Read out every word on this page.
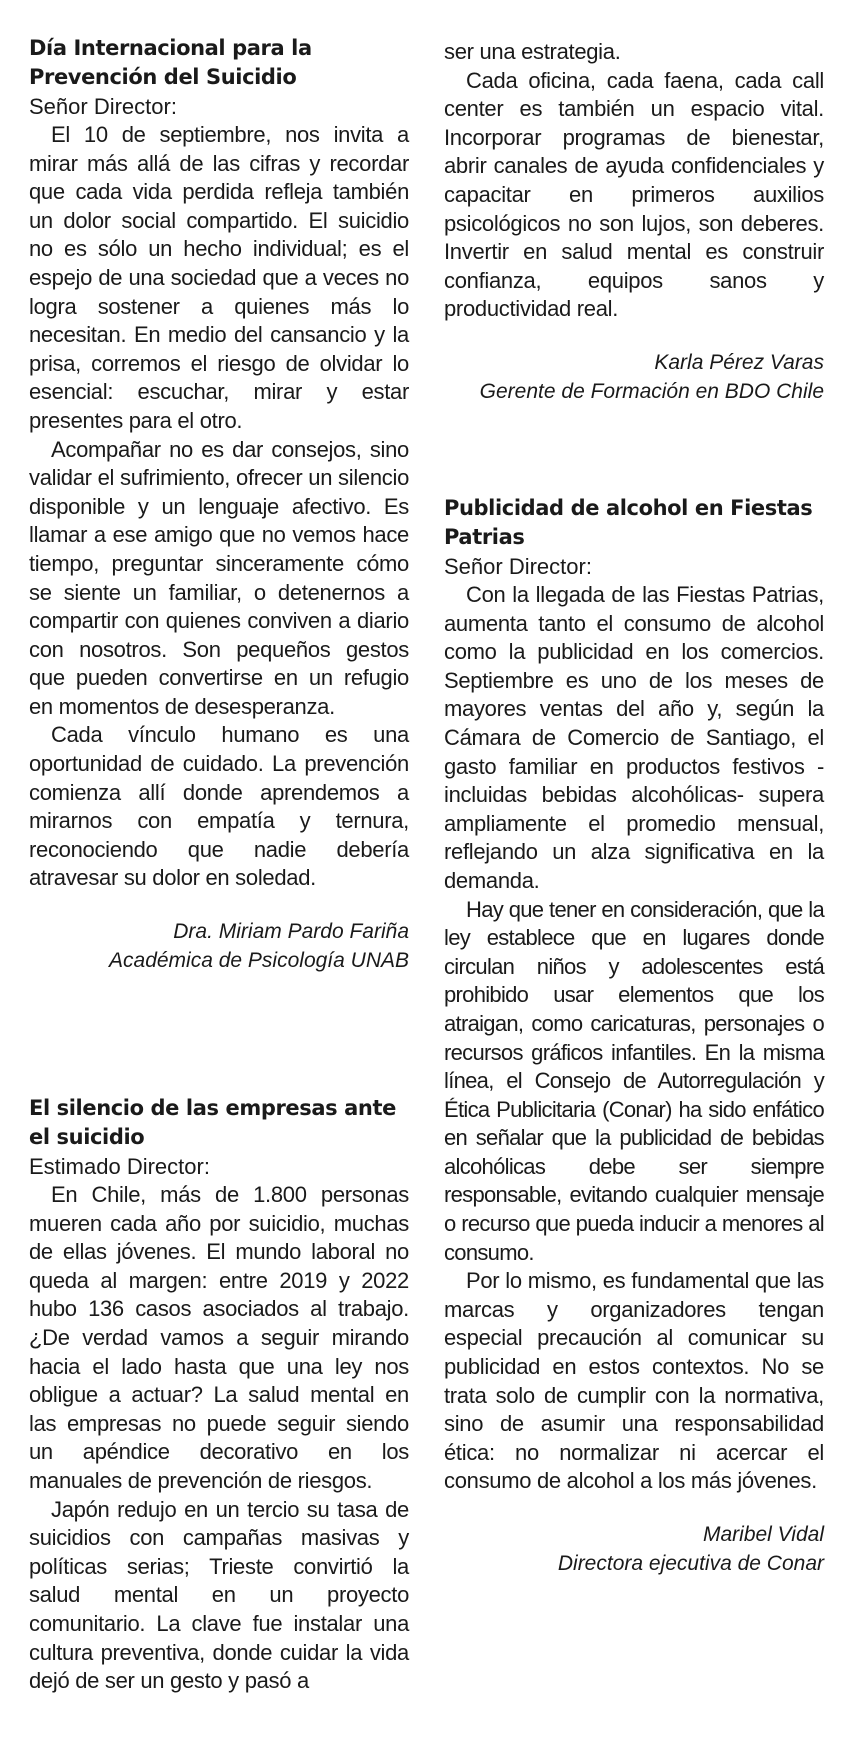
Día Internacional para la Prevención del Suicidio

Señor Director:

El 10 de septiembre, nos invita a mirar más allá de las cifras y recordar que cada vida perdida refleja también un dolor social compartido. El suicidio no es sólo un hecho individual; es el espejo de una sociedad que a veces no logra sostener a quienes más lo necesitan. En medio del cansancio y la prisa, corremos el riesgo de olvidar lo esencial: escuchar, mirar y estar presentes para el otro.

Acompañar no es dar consejos, sino validar el sufrimiento, ofrecer un silencio disponible y un lenguaje afectivo. Es llamar a ese amigo que no vemos hace tiempo, preguntar sinceramente cómo se siente un familiar, o detenernos a compartir con quienes conviven a diario con nosotros. Son pequeños gestos que pueden convertirse en un refugio en momentos de desesperanza.

Cada vínculo humano es una oportunidad de cuidado. La prevención comienza allí donde aprendemos a mirarnos con empatía y ternura, reconociendo que nadie debería atravesar su dolor en soledad.

Dra. Miriam Pardo Fariña

Académica de Psicología UNAB

El silencio de las empresas ante el suicidio

Estimado Director:

En Chile, más de 1.800 personas mueren cada año por suicidio, muchas de ellas jóvenes. El mundo laboral no queda al margen: entre 2019 y 2022 hubo 136 casos asociados al trabajo. ¿De verdad vamos a seguir mirando hacia el lado hasta que una ley nos obligue a actuar? La salud mental en las empresas no puede seguir siendo un apéndice decorativo en los manuales de prevención de riesgos.

Japón redujo en un tercio su tasa de suicidios con campañas masivas y políticas serias; Trieste convirtió la salud mental en un proyecto comunitario. La clave fue instalar una cultura preventiva, donde cuidar la vida dejó de ser un gesto y pasó a

ser una estrategia.

Cada oficina, cada faena, cada call center es también un espacio vital. Incorporar programas de bienestar, abrir canales de ayuda confidenciales y capacitar en primeros auxilios psicológicos no son lujos, son deberes. Invertir en salud mental es construir confianza, equipos sanos y productividad real.

Karla Pérez Varas

Gerente de Formación en BDO Chile

Publicidad de alcohol en Fiestas Patrias

Señor Director:

Con la llegada de las Fiestas Patrias, aumenta tanto el consumo de alcohol como la publicidad en los comercios. Septiembre es uno de los meses de mayores ventas del año y, según la Cámara de Comercio de Santiago, el gasto familiar en productos festivos -incluidas bebidas alcohólicas- supera ampliamente el promedio mensual, reflejando un alza significativa en la demanda.

Hay que tener en consideración, que la ley establece que en lugares donde circulan niños y adolescentes está prohibido usar elementos que los atraigan, como caricaturas, personajes o recursos gráficos infantiles. En la misma línea, el Consejo de Autorregulación y Ética Publicitaria (Conar) ha sido enfático en señalar que la publicidad de bebidas alcohólicas debe ser siempre responsable, evitando cualquier mensaje o recurso que pueda inducir a menores al consumo.

Por lo mismo, es fundamental que las marcas y organizadores tengan especial precaución al comunicar su publicidad en estos contextos. No se trata solo de cumplir con la normativa, sino de asumir una responsabilidad ética: no normalizar ni acercar el consumo de alcohol a los más jóvenes.

Maribel Vidal

Directora ejecutiva de Conar
